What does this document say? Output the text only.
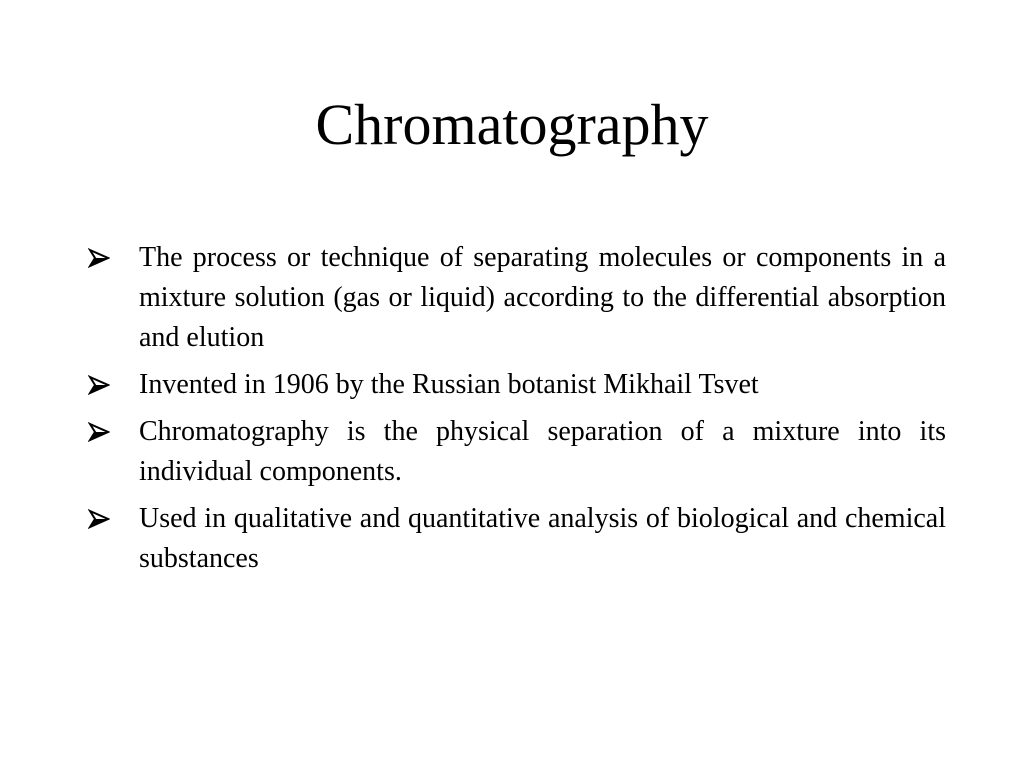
Chromatography
The process or technique of separating molecules or components in a mixture solution (gas or liquid) according to the differential absorption and elution
Invented in 1906 by the Russian botanist Mikhail Tsvet
Chromatography is the physical separation of a mixture into its individual components.
Used in qualitative and quantitative analysis of biological and chemical substances
